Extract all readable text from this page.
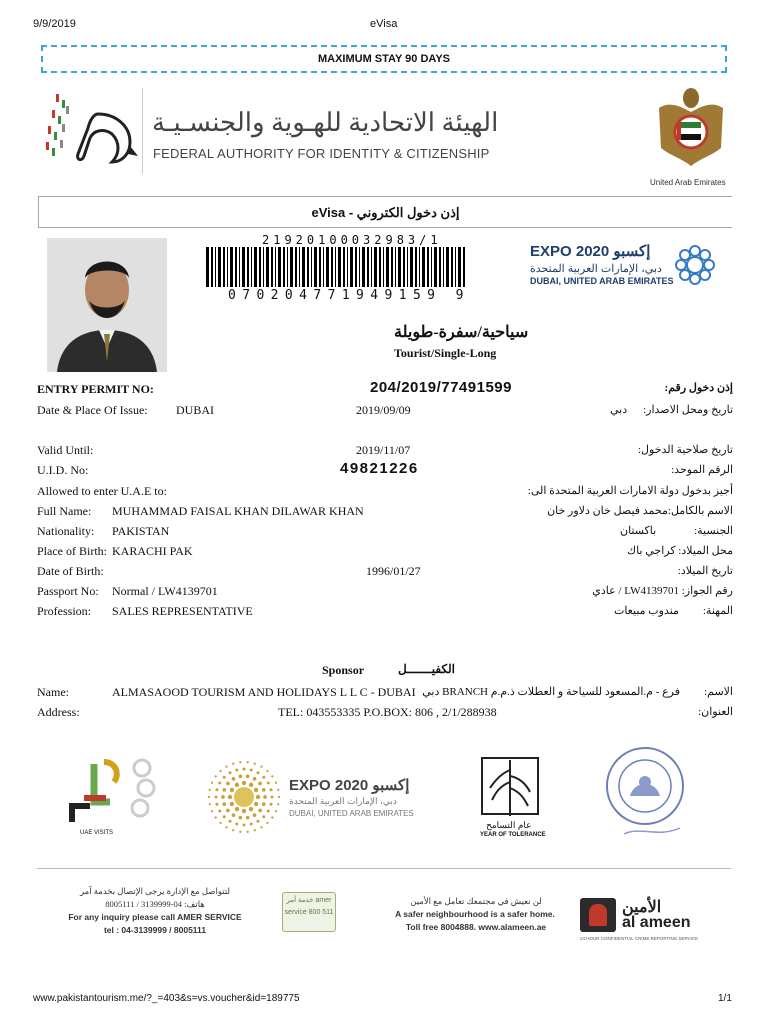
9/9/2019	eVisa
MAXIMUM STAY 90 DAYS
الهيئة الاتحادية للهـوية والجنسـيـة
FEDERAL AUTHORITY FOR IDENTITY & CITIZENSHIP
United Arab Emirates
إذن دخول الكتروني - eVisa
21920100032983/1
070204771949159 9
EXPO 2020 إكسبو
دبي، الإمارات العربية المتحدة
DUBAI, UNITED ARAB EMIRATES
سياحية/سفرة-طويلة
Tourist/Single-Long
ENTRY PERMIT NO:	204/2019/77491599	إذن دخول رقم:
Date & Place Of Issue: DUBAI	2019/09/09	دبي تاريخ ومحل الاصدار:
Valid Until:	2019/11/07	تاريخ صلاحية الدخول:
U.I.D. No:	49821226	الرقم الموحد:
Allowed to enter U.A.E to:	أجيز بدخول دولة الامارات العربية المتحدة الى:
Full Name: MUHAMMAD FAISAL KHAN DILAWAR KHAN	الاسم بالكامل:محمد فيصل خان دلاور خان
Nationality: PAKISTAN	باكستان	الجنسية:
Place of Birth: KARACHI PAK	محل الميلاد: كراجي باك
Date of Birth:	1996/01/27	تاريخ الميلاد:
Passport No: Normal / LW4139701	رقم الجواز: LW4139701 / عادي
Profession: SALES REPRESENTATIVE	مندوب مبيعات المهنة:
Sponsor	الكفيـــــــل
Name:	ALMASAOOD TOURISM AND HOLIDAYS L L C - DUBAI فرع - م.المسعود للسياحة و العطلات ذ.م.م BRANCH دبي الاسم:
Address:	TEL: 043553335 P.O.BOX: 806 , 2/1/288938	العنوان:
UAE VISITS
EXPO 2020 إكسبو
دبي، الإمارات العربية المتحدة
DUBAI, UNITED ARAB EMIRATES
عام التسامح
YEAR OF TOLERANCE
لتتواصل مع الإدارة يرجى الإتصال بخدمة آمر
هاتف: 04-3139999 / 8005111
For any inquiry please call AMER SERVICE
tel : 04-3139999 / 8005111
خدمة آمر amer service 800 511
لن نعيش في مجتمعك تعامل مع الأمين
A safer neighbourhood is a safer home.
Toll free 8004888. www.alameen.ae
الأمين
al ameen
24 HOUR CONFIDENTIAL CRIME REPORTING SERVICE
www.pakistantourism.me/?_=403&s=vs.voucher&id=189775	1/1
